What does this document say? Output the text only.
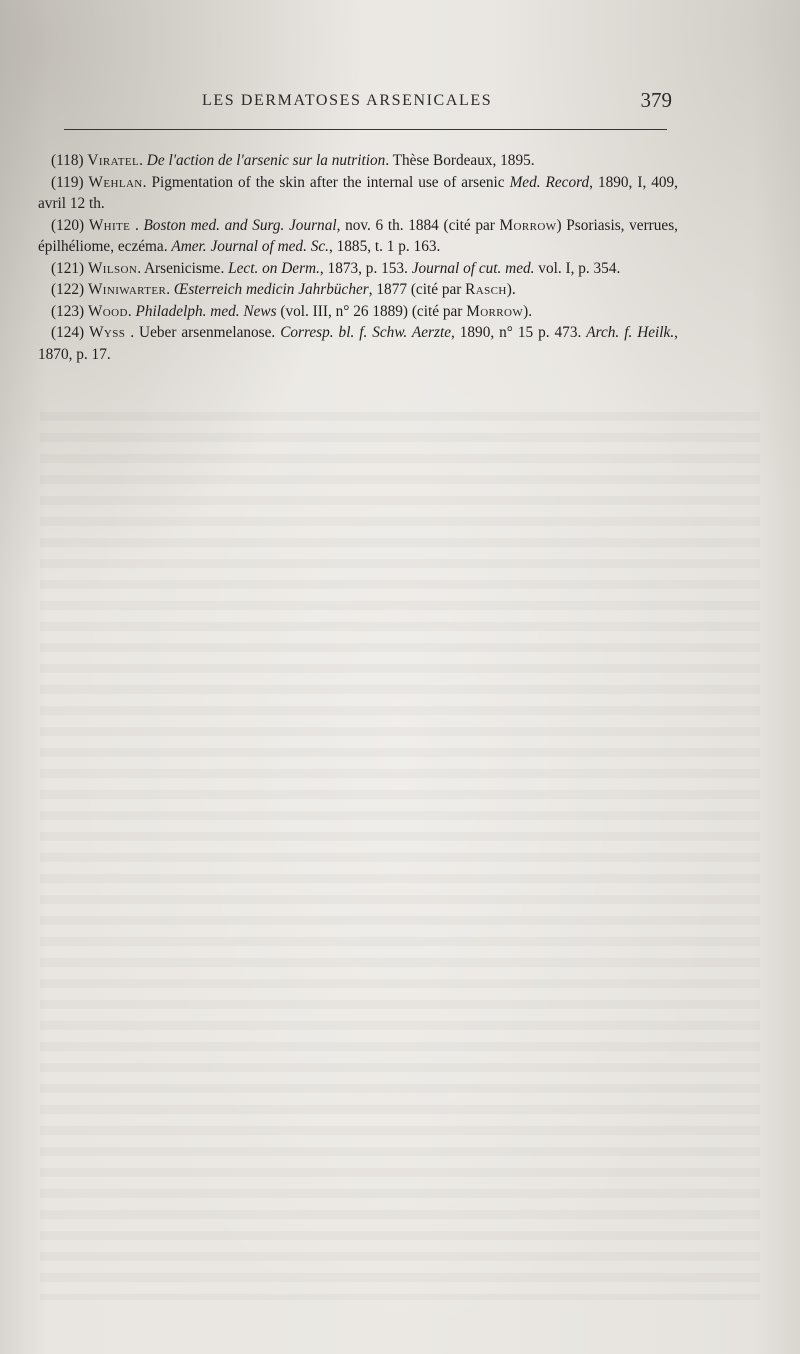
LES DERMATOSES ARSENICALES	379

(118) Viratel. De l'action de l'arsenic sur la nutrition. Thèse Bordeaux, 1895.

(119) Wehlan. Pigmentation of the skin after the internal use of arsenic Med. Record, 1890, I, 409, avril 12 th.

(120) White . Boston med. and Surg. Journal, nov. 6 th. 1884 (cité par Morrow) Psoriasis, verrues, épilhéliome, eczéma. Amer. Journal of med. Sc., 1885, t. 1 p. 163.

(121) Wilson. Arsenicisme. Lect. on Derm., 1873, p. 153. Journal of cut. med. vol. I, p. 354.

(122) Winiwarter. Œsterreich medicin Jahrbücher, 1877 (cité par Rasch).

(123) Wood. Philadelph. med. News (vol. III, n° 26 1889) (cité par Morrow).

(124) Wyss . Ueber arsenmelanose. Corresp. bl. f. Schw. Aerzte, 1890, n° 15 p. 473. Arch. f. Heilk., 1870, p. 17.
